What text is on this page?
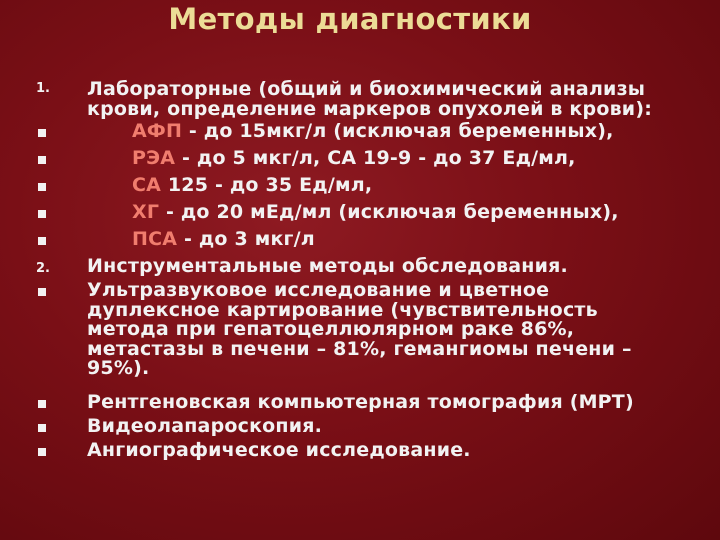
Методы диагностики
1.	Лабораторные (общий и биохимический анализы крови, определение маркеров опухолей в крови):
АФП - до 15мкг/л (исключая беременных),
РЭА - до 5 мкг/л, СА 19-9 - до 37 Ед/мл,
СА 125 - до 35 Ед/мл,
ХГ - до 20 мЕд/мл (исключая беременных),
ПСА - до 3 мкг/л
2.	Инструментальные методы обследования.
Ультразвуковое исследование и цветное дуплексное картирование (чувствительность метода при гепатоцеллюлярном раке 86%, метастазы в печени – 81%, гемангиомы печени – 95%).
Рентгеновская компьютерная томография (МРТ)
Видеолапароскопия.
Ангиографическое исследование.
